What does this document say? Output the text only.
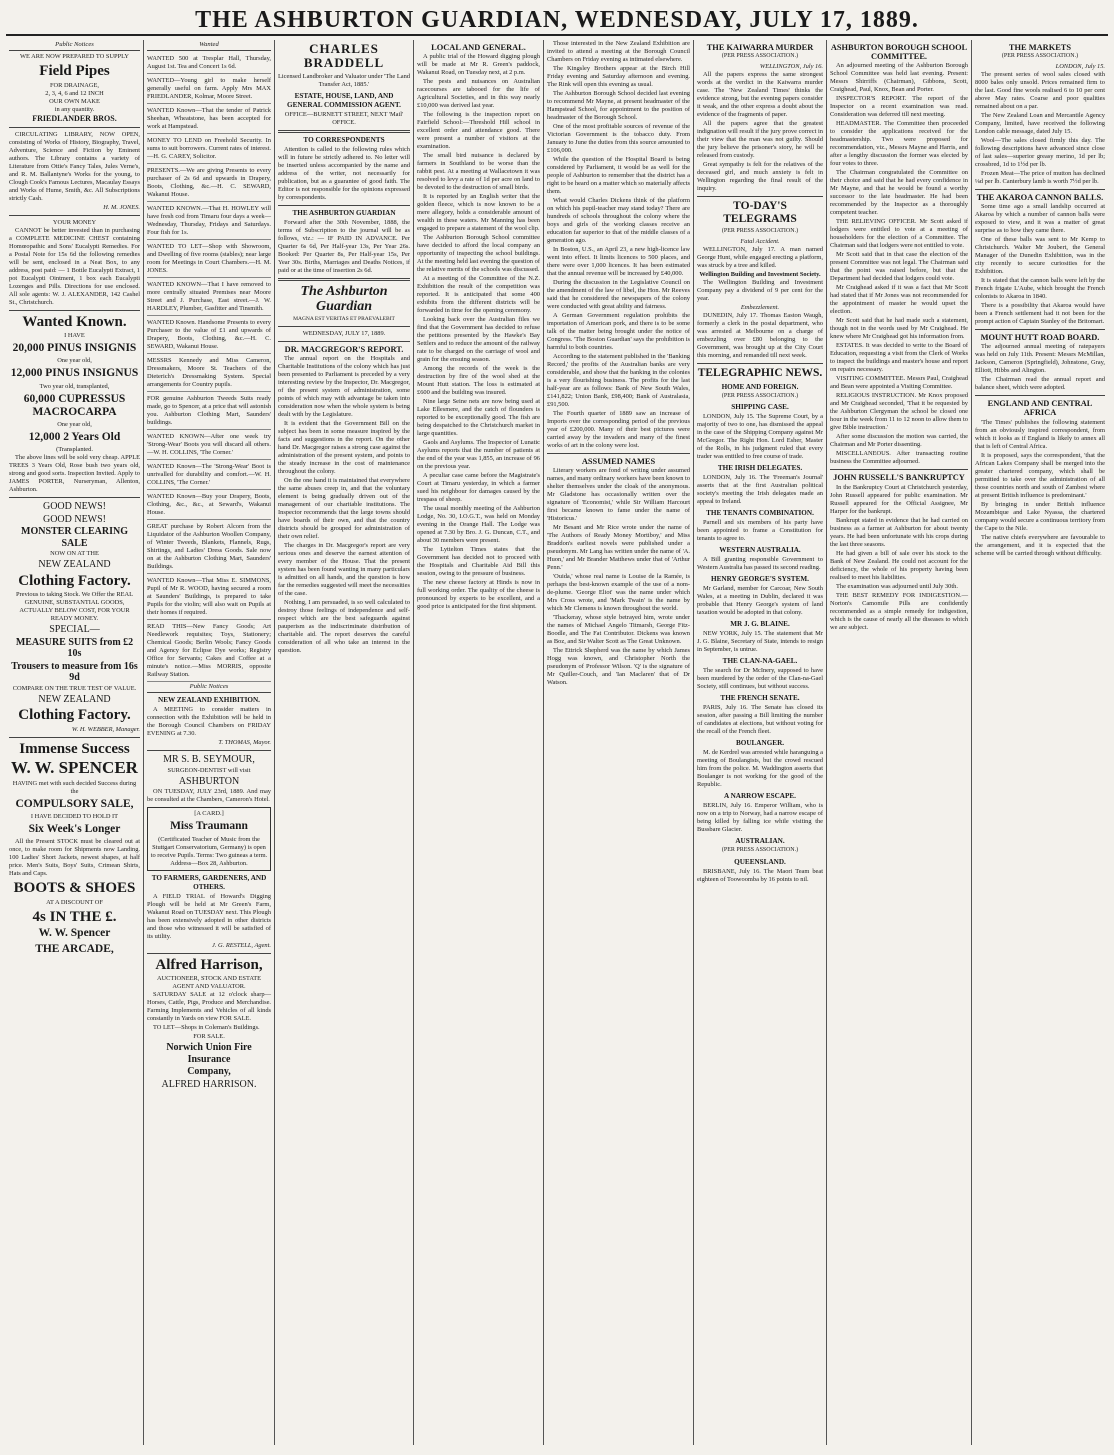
THE ASHBURTON GUARDIAN, WEDNESDAY, JULY 17, 1889.
Public Notices
WE ARE NOW PREPARED TO SUPPLY
Field Pipes
FOR DRAINAGE,
2, 3, 4, 6 and 12 INCH
OUR OWN MAKE
in any quantity.
FRIEDLANDER BROS.

CIRCULATING LIBRARY, NOW OPEN, consisting of Works of History, Biography, Travel, Adventure, Science and Fiction by Eminent authors. The Library contains a variety of Literature from Ottie's Fancy Tales, Jules Verne's, and R. M. Ballantyne's Works for the young, to Clough Cook's Famous Lectures, Macaulay Essays and Works of Hume, Smith, &c. All Subscriptions strictly Cash.

H. M. JONES.
YOUR MONEY

CANNOT be better invested than in purchasing a COMPLETE MEDICINE CHEST containing Homœopathic and Sons' Eucalypti Remedies. For a Postal Note for 15s 6d the following remedies will be sent, enclosed in a Neat Box, to any address, post paid: — 1 Bottle Eucalypti Extract, 1 pot Eucalypti Ointment, 1 box each Eucalypti Lozenges and Pills. Directions for use enclosed. All sole agents: W. J. ALEXANDER, 142 Cashel St., Christchurch.

Wanted Known.
I HAVE
20,000 PINUS INSIGNIS
One year old,
12,000 PINUS INSIGNUS
Two year old, transplanted,
60,000 CUPRESSUS MACROCARPA
One year old,
12,000 2 Years Old
(Transplanted.

The above lines will be sold very cheap. APPLE TREES 3 Years Old, Rose bush two years old, strong and good sorts. Inspection Invited. Apply to JAMES PORTER, Nurseryman, Allenton, Ashburton.

GOOD NEWS!
GOOD NEWS!
MONSTER CLEARING SALE
NOW ON AT THE
NEW ZEALAND
Clothing Factory.

Previous to taking Stock. We Offer the REAL GENUINE, SUBSTANTIAL GOODS, ACTUALLY BELOW COST, FOR YOUR READY MONEY.

SPECIAL—
MEASURE SUITS from £2 10s
Trousers to measure from 16s 9d
COMPARE ON THE TRUE TEST OF VALUE.
NEW ZEALAND
Clothing Factory.
W. H. WEBBER, Manager.
Immense Success
W. W. SPENCER
HAVING met with such decided Success during the
COMPULSORY SALE,
I HAVE DECIDED TO HOLD IT
Six Week's Longer

All the Present STOCK must be cleared out at once, to make room for Shipments now Landing. 100 Ladies' Short Jackets, newest shapes, at half price. Men's Suits, Boys' Suits, Crimean Shirts, Hats and Caps.

BOOTS & SHOES
AT A DISCOUNT OF
4s IN THE £.
W. W. Spencer
THE ARCADE,
Wanted
WANTED 500 at Tresplar Hall, Thursday, August 1st. Tea and Concert 1s 6d.
WANTED—Young girl to make herself generally useful on farm. Apply Mrs MAX FRIEDLANDER, Kolmar, Moore Street.
WANTED Known—That the tender of Patrick Sheehan, Wheatstone, has been accepted for work at Hampstead.
MONEY TO LEND on Freehold Security. In sums to suit borrowers. Current rates of interest.—H. G. CAREY, Solicitor.
PRESENTS.—We are giving Presents to every purchaser of 2s 6d and upwards in Drapery, Boots, Clothing, &c.—H. C. SEWARD, Wakanui House.
WANTED KNOWN.—That H. HOWLEY will have fresh cod from Timaru four days a week—Wednesday, Thursday, Fridays and Saturdays. Four fish for 1s.
WANTED TO LET—Shop with Showroom, and Dwelling of five rooms (stables); near large room for Meetings in Court Chambers.—H. M. JONES.
WANTED KNOWN—That I have removed to more centrally situated Premises near Moore Street and J. Purchase, East street.—J. W. HARDLEY, Plumber, Gasfitter and Tinsmith.
WANTED Known. Handsome Presents to every Purchaser to the value of £1 and upwards of Drapery, Boots, Clothing, &c.—H. C. SEWARD, Wakanui House.
MESSRS Kennedy and Miss Cameron, Dressmakers, Moore St. Teachers of the Dieterich's Dressmaking System. Special arrangements for Country pupils.
FOR genuine Ashburton Tweeds Suits ready made, go to Spencer, at a price that will astonish you. Ashburton Clothing Mart, Saunders' buildings.
WANTED KNOWN—After one week try 'Strong-Wear' Boots you will discard all others.—W. H. COLLINS, 'The Corner.'
WANTED Known—The 'Strong-Wear' Boot is unrivalled for durability and comfort.—W. H. COLLINS, 'The Corner.'
WANTED Known—Buy your Drapery, Boots, Clothing, &c., &c., at Seward's, Wakanui House.
GREAT purchase by Robert Alcorn from the Liquidator of the Ashburton Woollen Company, of Winter Tweeds, Blankets, Flannels, Rugs, Shirtings, and Ladies' Dress Goods. Sale now on at the Ashburton Clothing Mart, Saunders' Buildings.
WANTED Known—That Miss E. SIMMONS, Pupil of Mr R. WOOD, having secured a room at Saunders' Buildings, is prepared to take Pupils for the violin; will also wait on Pupils at their homes if required.
READ THIS—New Fancy Goods; Art Needlework requisites; Toys, Stationery; Chemical Goods; Berlin Wools; Fancy Goods and Agency for Eclipse Dye works; Registry Office for Servants; Cakes and Coffee at a minute's notice.—Miss MORRIS, opposite Railway Station.
Public Notices
NEW ZEALAND EXHIBITION.

A MEETING to consider matters in connection with the Exhibition will be held in the Borough Council Chambers on FRIDAY EVENING at 7.30.

T. THOMAS, Mayor.
MR S. B. SEYMOUR,
SURGEON-DENTIST will visit
ASHBURTON

ON TUESDAY, JULY 23rd, 1889. And may be consulted at the Chambers, Cameron's Hotel.

[A CARD.]
Miss Traumann

(Certificated Teacher of Music from the Stuttgart Conservatorium, Germany) is open to receive Pupils. Terms: Two guineas a term. Address—Box 28, Ashburton.

TO FARMERS, GARDENERS, AND OTHERS.

A FIELD TRIAL of Howard's Digging Plough will be held at Mr Green's Farm, Wakanui Road on TUESDAY next. This Plough has been extensively adopted in other districts and those who witnessed it will be satisfied of its utility.

J. G. RESTELL, Agent.
Alfred Harrison,
AUCTIONEER, STOCK AND ESTATE AGENT AND VALUATOR.

SATURDAY SALE at 12 o'clock sharp—Horses, Cattle, Pigs, Produce and Merchandise. Farming Implements and Vehicles of all kinds constantly in Yards on view FOR SALE.

TO LET—Shops in Coleman's Buildings.

FOR SALE.
Norwich Union Fire Insurance
Company,
ALFRED HARRISON.
CHARLES BRADDELL

Licensed Landbroker and Valuator under 'The Land Transfer Act, 1885.'

ESTATE, HOUSE, LAND, AND GENERAL COMMISSION AGENT.
OFFICE—BURNETT STREET, NEXT 'Mail' OFFICE.
TO CORRESPONDENTS

Attention is called to the following rules which will in future be strictly adhered to. No letter will be inserted unless accompanied by the name and address of the writer, not necessarily for publication, but as a guarantee of good faith. The Editor is not responsible for the opinions expressed by correspondents.

THE ASHBURTON GUARDIAN

Forward after the 30th November, 1888, the terms of Subscription to the journal will be as follows, viz.: — IF PAID IN ADVANCE. Per Quarter 6s 6d, Per Half-year 13s, Per Year 26s. Booked: Per Quarter 8s, Per Half-year 15s, Per Year 30s. Births, Marriages and Deaths Notices, if paid or at the time of insertion 2s 6d.

The Ashburton Guardian
MAGNA EST VERITAS ET PRAEVALEBIT
WEDNESDAY, JULY 17, 1889.
DR. MACGREGOR'S REPORT.

The annual report on the Hospitals and Charitable Institutions of the colony which has just been presented to Parliament is preceded by a very interesting review by the Inspector, Dr. Macgregor, of the present system of administration, some points of which may with advantage be taken into consideration now when the whole system is being dealt with by the Legislature.

It is evident that the Government Bill on the subject has been in some measure inspired by the facts and suggestions in the report. On the other hand Dr. Macgregor raises a strong case against the administration of the present system, and points to the steady increase in the cost of maintenance throughout the colony.

On the one hand it is maintained that everywhere the same abuses creep in, and that the voluntary element is being gradually driven out of the management of our charitable institutions. The Inspector recommends that the large towns should have boards of their own, and that the country districts should be grouped for administration of their own relief.

The charges in Dr. Macgregor's report are very serious ones and deserve the earnest attention of every member of the House. That the present system has been found wanting in many particulars is admitted on all hands, and the question is how far the remedies suggested will meet the necessities of the case.

Nothing, I am persuaded, is so well calculated to destroy those feelings of independence and self-respect which are the best safeguards against pauperism as the indiscriminate distribution of charitable aid. The report deserves the careful consideration of all who take an interest in the question.

LOCAL AND GENERAL.

A public trial of the Howard digging plough will be made at Mr R. Green's paddock, Wakanui Road, on Tuesday next, at 2 p.m.

The pests and nuisances on Australian racecourses are tabooed for the life of Agricultural Societies, and in this way nearly £10,000 was derived last year.

The following is the inspection report on Fairfield School:—Threshold Hill school in excellent order and attendance good. There were present a number of visitors at the examination.

The small bird nuisance is declared by farmers in Southland to be worse than the rabbit pest. At a meeting at Wallacetown it was resolved to levy a rate of 1d per acre on land to be devoted to the destruction of small birds.

It is reported by an English writer that the golden fleece, which is now known to be a mere allegory, holds a considerable amount of wealth in these waters. Mr Manning has been engaged to prepare a statement of the wool clip.

The Ashburton Borough School committee have decided to afford the local company an opportunity of inspecting the school buildings. At the meeting held last evening the question of the relative merits of the schools was discussed.

At a meeting of the Committee of the N.Z. Exhibition the result of the competition was reported. It is anticipated that some 400 exhibits from the different districts will be forwarded in time for the opening ceremony.

Looking back over the Australian files we find that the Government has decided to refuse the petitions presented by the Hawke's Bay Settlers and to reduce the amount of the railway rate to be charged on the carriage of wool and grain for the ensuing season.

Among the records of the week is the destruction by fire of the wool shed at the Mount Hutt station. The loss is estimated at £600 and the building was insured.

Nine large Seine nets are now being used at Lake Ellesmere, and the catch of flounders is reported to be exceptionally good. The fish are being despatched to the Christchurch market in large quantities.

Gaols and Asylums. The Inspector of Lunatic Asylums reports that the number of patients at the end of the year was 1,855, an increase of 96 on the previous year.

A peculiar case came before the Magistrate's Court at Timaru yesterday, in which a farmer sued his neighbour for damages caused by the trespass of sheep.

The usual monthly meeting of the Ashburton Lodge, No. 30, I.O.G.T., was held on Monday evening in the Orange Hall. The Lodge was opened at 7.30 by Bro. J. G. Duncan, C.T., and about 30 members were present.

The Lyttelton Times states that the Government has decided not to proceed with the Hospitals and Charitable Aid Bill this session, owing to the pressure of business.

The new cheese factory at Hinds is now in full working order. The quality of the cheese is pronounced by experts to be excellent, and a good price is anticipated for the first shipment.

Those interested in the New Zealand Exhibition are invited to attend a meeting at the Borough Council Chambers on Friday evening as intimated elsewhere.

The Kingsley Brothers appear at the Birch Hill Friday evening and Saturday afternoon and evening. The Rink will open this evening as usual.

The Ashburton Borough School decided last evening to recommend Mr Mayne, at present headmaster of the Hampstead School, for appointment to the position of headmaster of the Borough School.

One of the most profitable sources of revenue of the Victorian Government is the tobacco duty. From January to June the duties from this source amounted to £106,000.

While the question of the Hospital Board is being considered by Parliament, it would be as well for the people of Ashburton to remember that the district has a right to be heard on a matter which so materially affects them.

What would Charles Dickens think of the platform on which his pupil-teacher may stand today? There are hundreds of schools throughout the colony where the boys and girls of the working classes receive an education far superior to that of the middle classes of a generation ago.

In Boston, U.S., an April 23, a new high-licence law went into effect. It limits licences to 500 places, and there were over 1,000 licences. It has been estimated that the annual revenue will be increased by £40,000.

During the discussion in the Legislative Council on the amendment of the law of libel, the Hon. Mr Reeves said that he considered the newspapers of the colony were conducted with great ability and fairness.

A German Government regulation prohibits the importation of American pork, and there is to be some talk of the matter being brought under the notice of Congress. 'The Boston Guardian' says the prohibition is harmful to both countries.

According to the statement published in the 'Banking Record,' the profits of the Australian banks are very considerable, and show that the banking in the colonies is a very flourishing business. The profits for the last half-year are as follows: Bank of New South Wales, £141,822; Union Bank, £98,400; Bank of Australasia, £91,500.

The Fourth quarter of 1889 saw an increase of Imports over the corresponding period of the previous year of £200,000. Many of their best pictures were carried away by the invaders and many of the finest works of art in the colony were lost.

ASSUMED NAMES

Literary workers are fond of writing under assumed names, and many ordinary workers have been known to shelter themselves under the cloak of the anonymous. Mr Gladstone has occasionally written over the signature of 'Economist,' while Sir William Harcourt first became known to fame under the name of 'Historicus.'

Mr Besant and Mr Rice wrote under the name of 'The Authors of Ready Money Mortiboy,' and Miss Braddon's earliest novels were published under a pseudonym. Mr Lang has written under the name of 'A. Huon,' and Mr Brander Matthews under that of 'Arthur Penn.'

'Ouida,' whose real name is Louise de la Ramée, is perhaps the best-known example of the use of a nom-de-plume. 'George Eliot' was the name under which Mrs Cross wrote, and 'Mark Twain' is the name by which Mr Clemens is known throughout the world.

'Thackeray, whose style betrayed him, wrote under the names of Michael Angelo Titmarsh, George Fitz-Boodle, and The Fat Contributor. Dickens was known as Boz, and Sir Walter Scott as The Great Unknown.

The Ettrick Shepherd was the name by which James Hogg was known, and Christopher North the pseudonym of Professor Wilson. 'Q' is the signature of Mr Quiller-Couch, and 'Ian Maclaren' that of Dr Watson.

THE KAIWARRA MURDER
(PER PRESS ASSOCIATION.)
WELLINGTON, July 16.

All the papers express the same strongest words at the verdict in the Kaiwarra murder case. The 'New Zealand Times' thinks the evidence strong, but the evening papers consider it weak, and the other express a doubt about the evidence of the fragments of paper.

All the papers agree that the greatest indignation will result if the jury prove correct in their view that the man was not guilty. Should the jury believe the prisoner's story, he will be released from custody.

Great sympathy is felt for the relatives of the deceased girl, and much anxiety is felt in Wellington regarding the final result of the inquiry.

TO-DAY'S TELEGRAMS
(PER PRESS ASSOCIATION.)
Fatal Accident.

WELLINGTON, July 17. A man named George Hunt, while engaged erecting a platform, was struck by a tree and killed.

Wellington Building and Investment Society.

The Wellington Building and Investment Company pay a dividend of 9 per cent for the year.

Embezzlement.

DUNEDIN, July 17. Thomas Easton Waugh, formerly a clerk in the postal department, who was arrested at Melbourne on a charge of embezzling over £80 belonging to the Government, was brought up at the City Court this morning, and remanded till next week.

TELEGRAPHIC NEWS.
HOME AND FOREIGN.
(PER PRESS ASSOCIATION.)
SHIPPING CASE.

LONDON, July 15. The Supreme Court, by a majority of two to one, has dismissed the appeal in the case of the Shipping Company against Mr McGregor. The Right Hon. Lord Esher, Master of the Rolls, in his judgment ruled that every trader was entitled to free course of trade.

THE IRISH DELEGATES.

LONDON, July 16. The 'Freeman's Journal' asserts that at the first Australian political society's meeting the Irish delegates made an appeal to Ireland.

THE TENANTS COMBINATION.

Parnell and six members of his party have been appointed to frame a Constitution for tenants to agree to.

WESTERN AUSTRALIA.

A Bill granting responsible Government to Western Australia has passed its second reading.

HENRY GEORGE'S SYSTEM.

Mr Garland, member for Carcoar, New South Wales, at a meeting in Dublin, declared it was probable that Henry George's system of land taxation would be adopted in that colony.

MR J. G. BLAINE.

NEW YORK, July 15. The statement that Mr J. G. Blaine, Secretary of State, intends to resign in September, is untrue.

THE CLAN-NA-GAEL.

The search for Dr McInery, supposed to have been murdered by the order of the Clan-na-Gael Society, still continues, but without success.

THE FRENCH SENATE.

PARIS, July 16. The Senate has closed its session, after passing a Bill limiting the number of candidates at elections, but without voting for the recall of the French fleet.

BOULANGER.

M. de Kerdrel was arrested while haranguing a meeting of Boulangists, but the crowd rescued him from the police. M. Waddington asserts that Boulanger is not working for the good of the Republic.

A NARROW ESCAPE.

BERLIN, July 16. Emperor William, who is now on a trip to Norway, had a narrow escape of being killed by falling ice while visiting the Bussbare Glacier.

AUSTRALIAN.
(PER PRESS ASSOCIATION.)
QUEENSLAND.

BRISBANE, July 16. The Maori Team beat eighteen of Toowoomba by 16 points to nil.

ASHBURTON BOROUGH SCHOOL COMMITTEE.

An adjourned meeting of the Ashburton Borough School Committee was held last evening. Present: Messrs Shirriffs (Chairman), Gibbons, Scott, Craighead, Paul, Knox, Bean and Porter.

INSPECTOR'S REPORT. The report of the Inspector on a recent examination was read. Consideration was deferred till next meeting.

HEADMASTER. The Committee then proceeded to consider the applications received for the headmastership. Two were proposed for recommendation, viz., Messrs Mayne and Harris, and after a lengthy discussion the former was elected by four votes to three.

The Chairman congratulated the Committee on their choice and said that he had every confidence in Mr Mayne, and that he would be found a worthy successor to the late headmaster. He had been recommended by the Inspector as a thoroughly competent teacher.

THE RELIEVING OFFICER. Mr Scott asked if lodgers were entitled to vote at a meeting of householders for the election of a Committee. The Chairman said that lodgers were not entitled to vote.

Mr Scott said that in that case the election of the present Committee was not legal. The Chairman said that the point was raised before, but that the Department had decided that lodgers could vote.

Mr Craighead asked if it was a fact that Mr Scott had stated that if Mr Jones was not recommended for the appointment of master he would upset the election.

Mr Scott said that he had made such a statement, though not in the words used by Mr Craighead. He knew where Mr Craighead got his information from.

ESTATES. It was decided to write to the Board of Education, requesting a visit from the Clerk of Works to inspect the buildings and master's house and report on repairs necessary.

VISITING COMMITTEE. Messrs Paul, Craighead and Bean were appointed a Visiting Committee.

RELIGIOUS INSTRUCTION. Mr Knox proposed and Mr Craighead seconded, 'That it be requested by the Ashburton Clergyman the school be closed one hour in the week from 11 to 12 noon to allow them to give Bible instruction.'

After some discussion the motion was carried, the Chairman and Mr Porter dissenting.

MISCELLANEOUS. After transacting routine business the Committee adjourned.

JOHN RUSSELL'S BANKRUPTCY

In the Bankruptcy Court at Christchurch yesterday, John Russell appeared for public examination. Mr Russell appeared for the Official Assignee, Mr Harper for the bankrupt.

Bankrupt stated in evidence that he had carried on business as a farmer at Ashburton for about twenty years. He had been unfortunate with his crops during the last three seasons.

He had given a bill of sale over his stock to the Bank of New Zealand. He could not account for the deficiency, the whole of his property having been realised to meet his liabilities.

The examination was adjourned until July 30th.

THE BEST REMEDY FOR INDIGESTION.—Norton's Camomile Pills are confidently recommended as a simple remedy for indigestion, which is the cause of nearly all the diseases to which we are subject.

THE MARKETS
(PER PRESS ASSOCIATION.)
LONDON, July 15.

The present series of wool sales closed with 8000 bales only unsold. Prices remained firm to the last. Good fine wools realised 6 to 10 per cent above May rates. Coarse and poor qualities remained about on a par.

The New Zealand Loan and Mercantile Agency Company, limited, have received the following London cable message, dated July 15.

Wool—The sales closed firmly this day. The following descriptions have advanced since close of last sales—superior greasy merino, 1d per lb; crossbred, 1d to 1½d per lb.

Frozen Meat—The price of mutton has declined ⅛d per lb. Canterbury lamb is worth 7½d per lb.

THE AKAROA CANNON BALLS.

Some time ago a small landslip occurred at Akaroa by which a number of cannon balls were exposed to view, and it was a matter of great surprise as to how they came there.

One of these balls was sent to Mr Kemp to Christchurch. Walter Mr Joubert, the General Manager of the Dunedin Exhibition, was in the city recently to secure curiosities for the Exhibition.

It is stated that the cannon balls were left by the French frigate L'Aube, which brought the French colonists to Akaroa in 1840.

There is a possibility that Akaroa would have been a French settlement had it not been for the prompt action of Captain Stanley of the Britomart.

MOUNT HUTT ROAD BOARD.

The adjourned annual meeting of ratepayers was held on July 11th. Present: Messrs McMillan, Jackson, Cameron (Springfield), Johnstone, Gray, Elliott, Hibbs and Alington.

The Chairman read the annual report and balance sheet, which were adopted.

ENGLAND AND CENTRAL AFRICA

'The Times' publishes the following statement from an obviously inspired correspondent, from which it looks as if England is likely to annex all that is left of Central Africa.

It is proposed, says the correspondent, 'that the African Lakes Company shall be merged into the greater chartered company, which shall be permitted to take over the administration of all those countries north and south of Zambesi where at present British influence is predominant.'

By bringing in under British influence Mozambique and Lake Nyassa, the chartered company would secure a continuous territory from the Cape to the Nile.

The native chiefs everywhere are favourable to the arrangement, and it is expected that the scheme will be carried through without difficulty.
